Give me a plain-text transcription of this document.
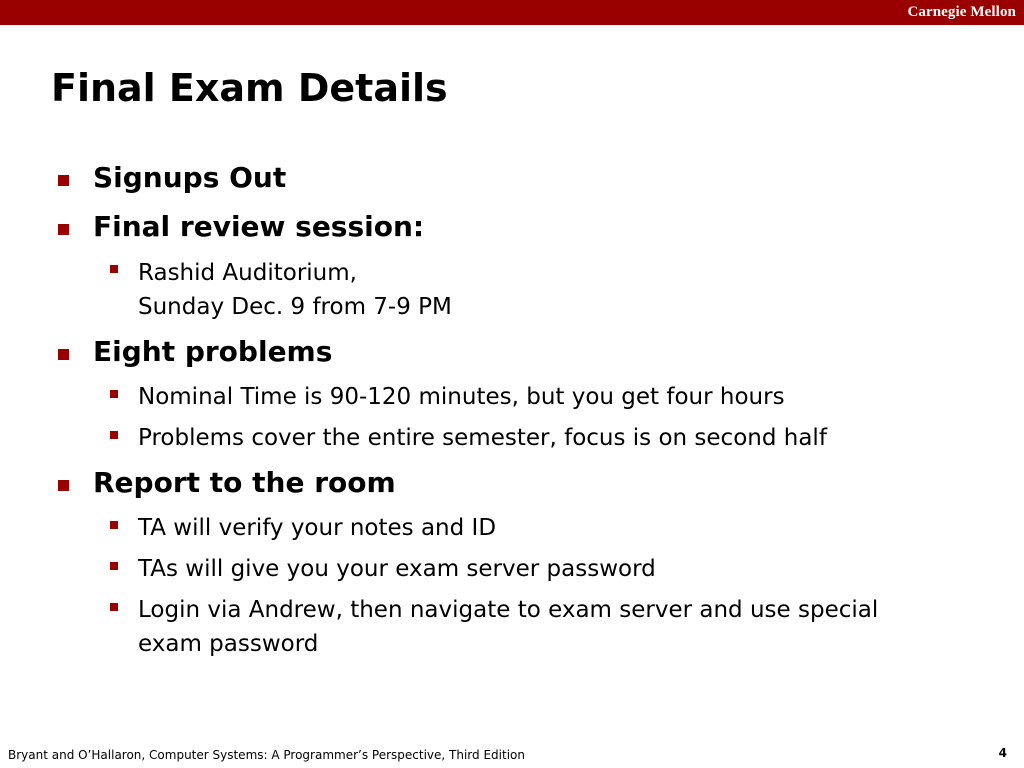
Carnegie Mellon
Final Exam Details
Signups Out
Final review session:
Rashid Auditorium,
Sunday Dec. 9 from 7-9 PM
Eight problems
Nominal Time is 90-120 minutes, but you get four hours
Problems cover the entire semester, focus is on second half
Report to the room
TA will verify your notes and ID
TAs will give you your exam server password
Login via Andrew, then navigate to exam server and use special
exam password
Bryant and O’Hallaron, Computer Systems: A Programmer’s Perspective, Third Edition	4
